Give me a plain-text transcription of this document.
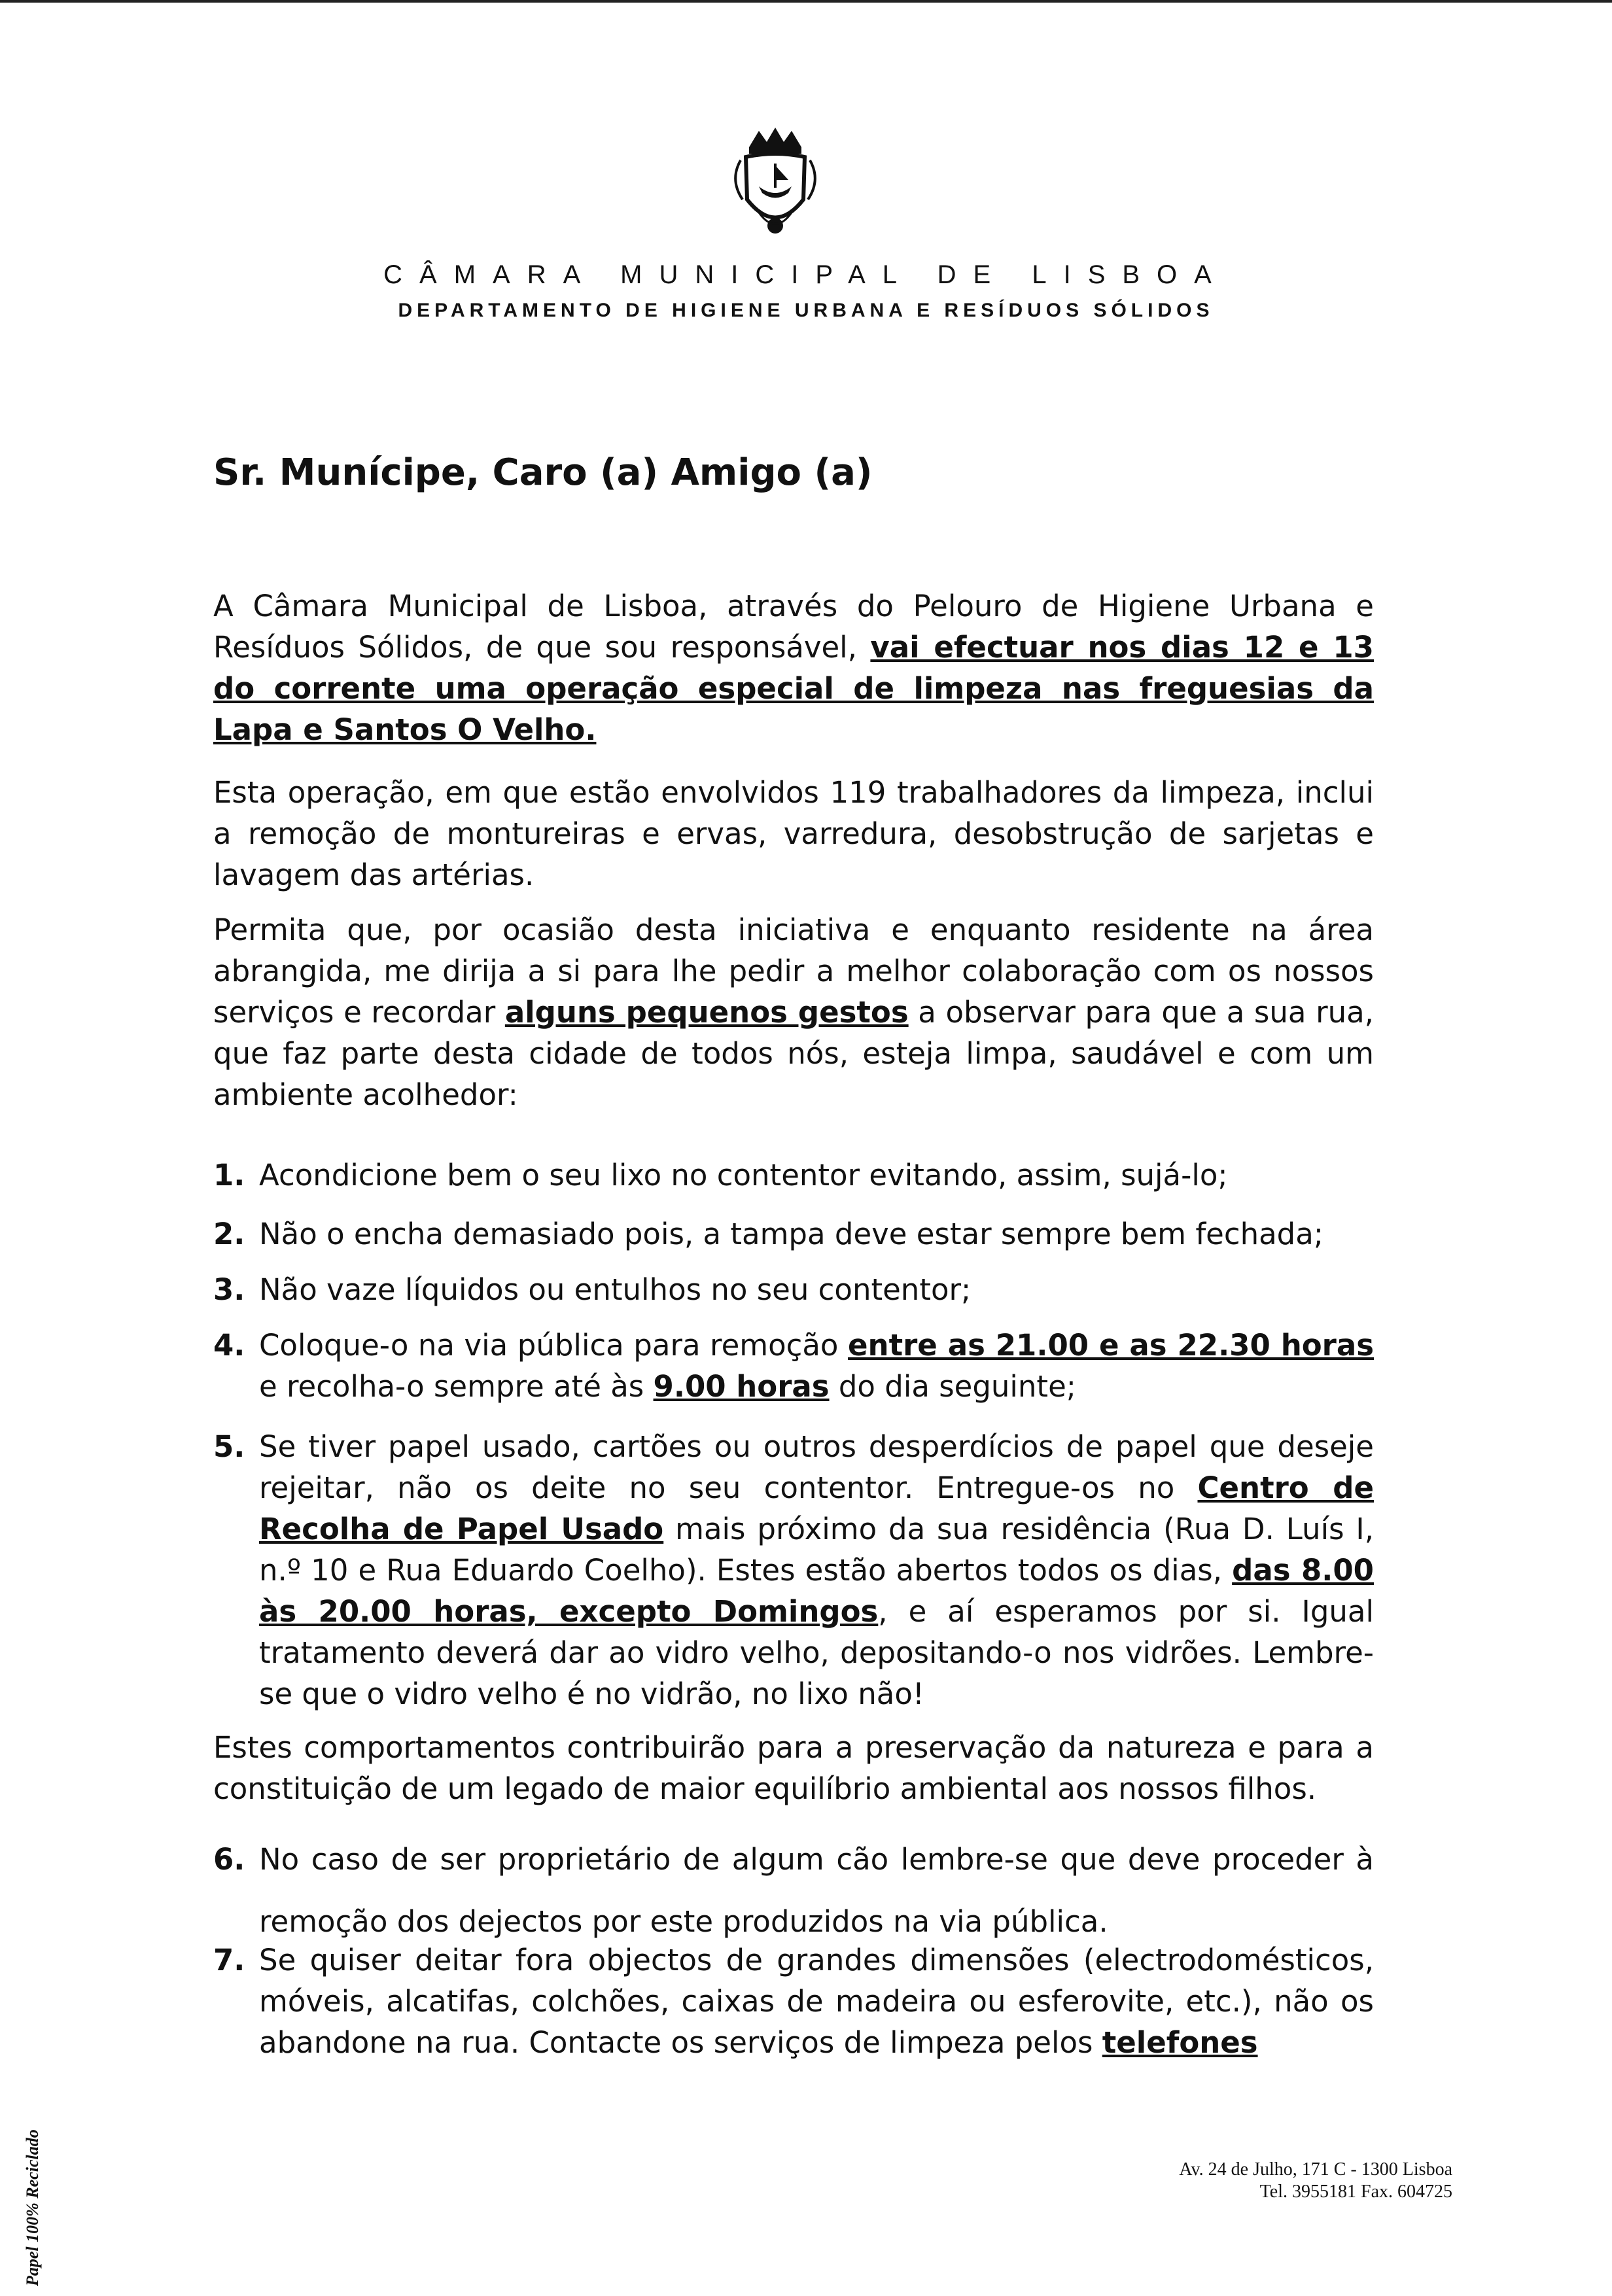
CÂMARA MUNICIPAL DE LISBOA
DEPARTAMENTO DE HIGIENE URBANA E RESÍDUOS SÓLIDOS
Sr. Munícipe, Caro (a) Amigo (a)
A Câmara Municipal de Lisboa, através do Pelouro de Higiene Urbana e Resíduos Sólidos, de que sou responsável, vai efectuar nos dias 12 e 13 do corrente uma operação especial de limpeza nas freguesias da Lapa e Santos O Velho.
Esta operação, em que estão envolvidos 119 trabalhadores da limpeza, inclui a remoção de montureiras e ervas, varredura, desobstrução de sarjetas e lavagem das artérias.
Permita que, por ocasião desta iniciativa e enquanto residente na área abrangida, me dirija a si para lhe pedir a melhor colaboração com os nossos serviços e recordar alguns pequenos gestos a observar para que a sua rua, que faz parte desta cidade de todos nós, esteja limpa, saudável e com um ambiente acolhedor:
1. Acondicione bem o seu lixo no contentor evitando, assim, sujá-lo;
2. Não o encha demasiado pois, a tampa deve estar sempre bem fechada;
3. Não vaze líquidos ou entulhos no seu contentor;
4. Coloque-o na via pública para remoção entre as 21.00 e as 22.30 horas e recolha-o sempre até às 9.00 horas do dia seguinte;
5. Se tiver papel usado, cartões ou outros desperdícios de papel que deseje rejeitar, não os deite no seu contentor. Entregue-os no Centro de Recolha de Papel Usado mais próximo da sua residência (Rua D. Luís I, n.º 10 e Rua Eduardo Coelho). Estes estão abertos todos os dias, das 8.00 às 20.00 horas, excepto Domingos, e aí esperamos por si. Igual tratamento deverá dar ao vidro velho, depositando-o nos vidrões. Lembre-se que o vidro velho é no vidrão, no lixo não!
Estes comportamentos contribuirão para a preservação da natureza e para a constituição de um legado de maior equilíbrio ambiental aos nossos filhos.
6. No caso de ser proprietário de algum cão lembre-se que deve proceder à remoção dos dejectos por este produzidos na via pública.
7. Se quiser deitar fora objectos de grandes dimensões (electrodomésticos, móveis, alcatifas, colchões, caixas de madeira ou esferovite, etc.), não os abandone na rua. Contacte os serviços de limpeza pelos telefones
Av. 24 de Julho, 171 C - 1300 Lisboa
Tel. 3955181 Fax. 604725
Papel 100% Reciclado
